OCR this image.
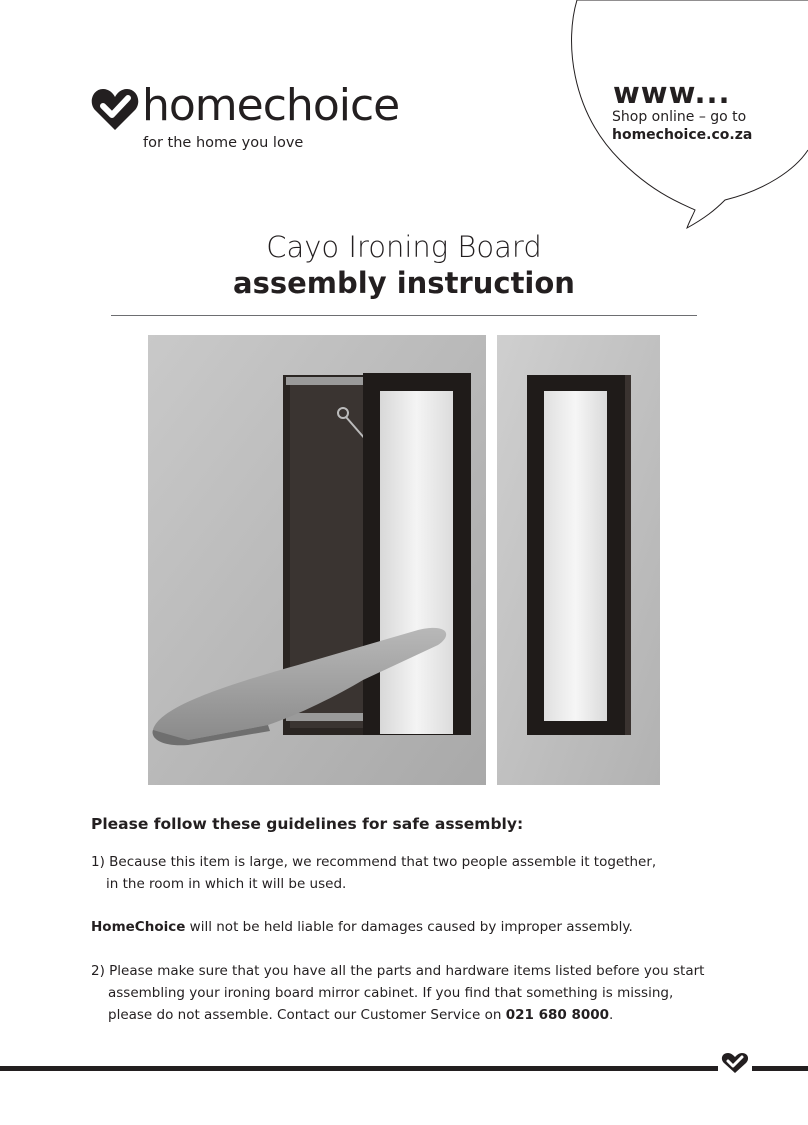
homechoice
for the home you love
www...
Shop online – go to
homechoice.co.za
Cayo Ironing Board
assembly instruction
Please follow these guidelines for safe assembly:
1) Because this item is large, we recommend that two people assemble it together,
in the room in which it will be used.
HomeChoice will not be held liable for damages caused by improper assembly.
2) Please make sure that you have all the parts and hardware items listed before you start
assembling your ironing board mirror cabinet. If you find that something is missing,
please do not assemble. Contact our Customer Service on 021 680 8000.
